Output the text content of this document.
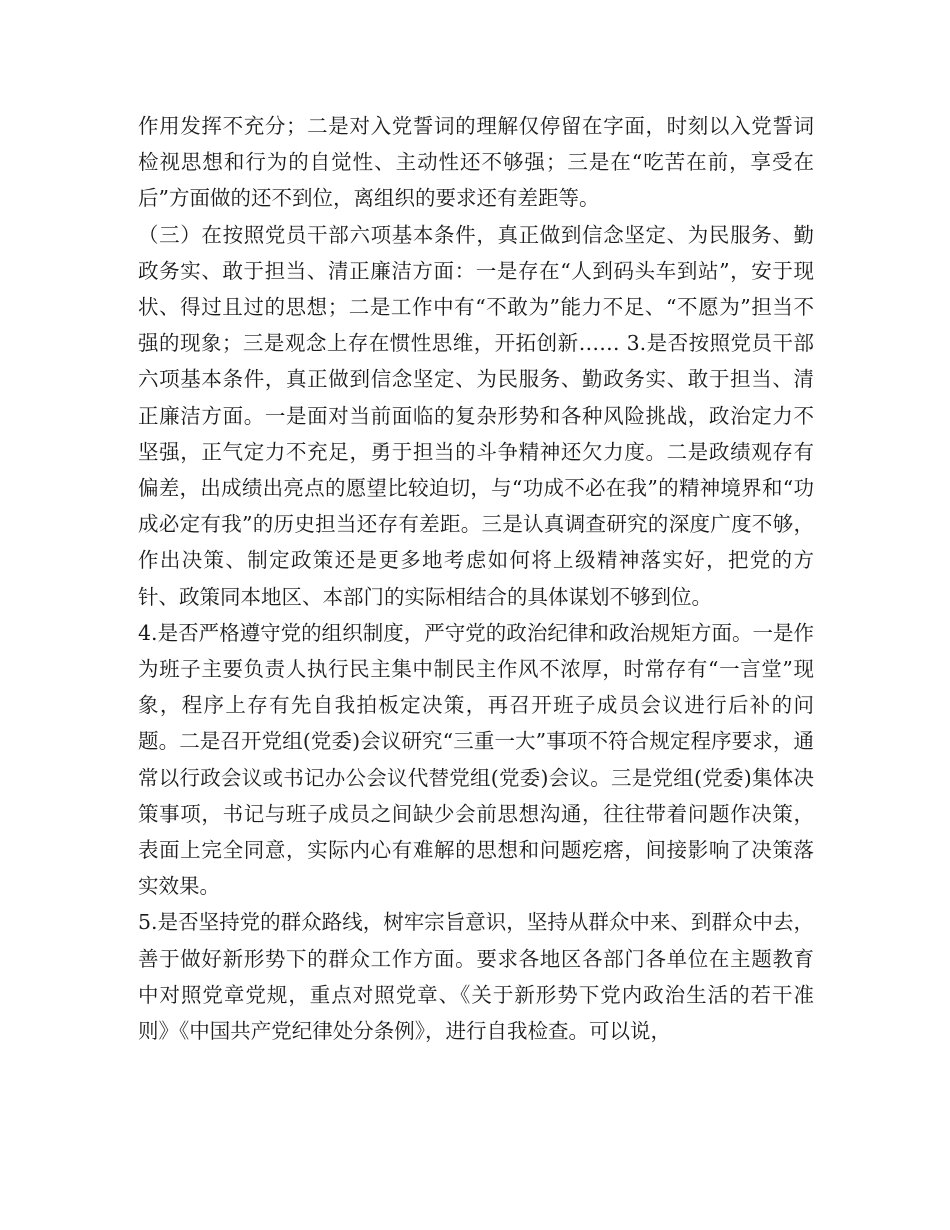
作用发挥不充分；二是对入党誓词的理解仅停留在字面，时刻以入党誓词检视思想和行为的自觉性、主动性还不够强；三是在“吃苦在前，享受在后”方面做的还不到位，离组织的要求还有差距等。

（三）在按照党员干部六项基本条件，真正做到信念坚定、为民服务、勤政务实、敢于担当、清正廉洁方面：一是存在“人到码头车到站”，安于现状、得过且过的思想；二是工作中有“不敢为”能力不足、“不愿为”担当不强的现象；三是观念上存在惯性思维，开拓创新…… 3.是否按照党员干部六项基本条件，真正做到信念坚定、为民服务、勤政务实、敢于担当、清正廉洁方面。一是面对当前面临的复杂形势和各种风险挑战，政治定力不坚强，正气定力不充足，勇于担当的斗争精神还欠力度。二是政绩观存有偏差，出成绩出亮点的愿望比较迫切，与“功成不必在我”的精神境界和“功成必定有我”的历史担当还存有差距。三是认真调查研究的深度广度不够，作出决策、制定政策还是更多地考虑如何将上级精神落实好，把党的方针、政策同本地区、本部门的实际相结合的具体谋划不够到位。

4.是否严格遵守党的组织制度，严守党的政治纪律和政治规矩方面。一是作为班子主要负责人执行民主集中制民主作风不浓厚，时常存有“一言堂”现象，程序上存有先自我拍板定决策，再召开班子成员会议进行后补的问题。二是召开党组(党委)会议研究“三重一大”事项不符合规定程序要求，通常以行政会议或书记办公会议代替党组(党委)会议。三是党组(党委)集体决策事项，书记与班子成员之间缺少会前思想沟通，往往带着问题作决策，表面上完全同意，实际内心有难解的思想和问题疙瘩，间接影响了决策落实效果。

5.是否坚持党的群众路线，树牢宗旨意识，坚持从群众中来、到群众中去，善于做好新形势下的群众工作方面。要求各地区各部门各单位在主题教育中对照党章党规，重点对照党章、《关于新形势下党内政治生活的若干准则》《中国共产党纪律处分条例》，进行自我检查。可以说，
